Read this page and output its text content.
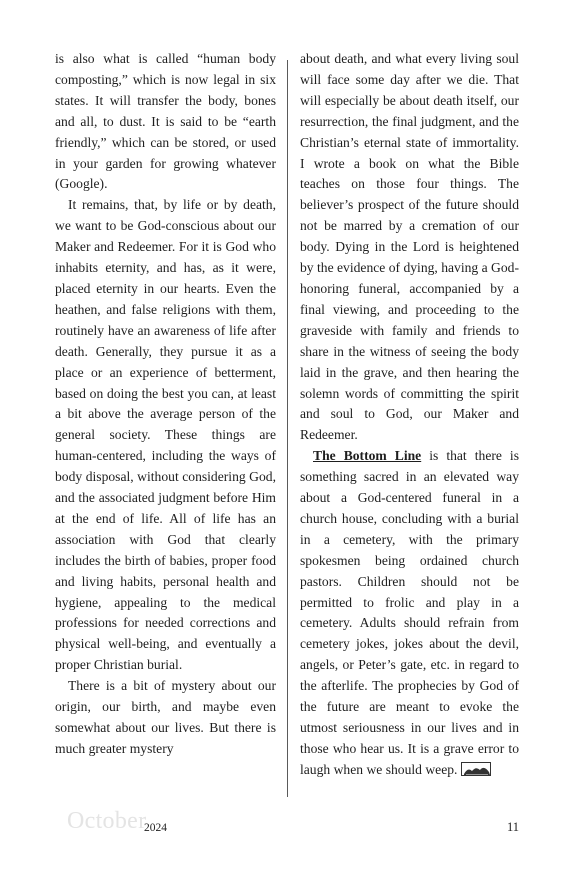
is also what is called “human body composting,” which is now legal in six states. It will transfer the body, bones and all, to dust. It is said to be “earth friendly,” which can be stored, or used in your garden for growing whatever (Google).

It remains, that, by life or by death, we want to be God-conscious about our Maker and Redeemer. For it is God who inhabits eternity, and has, as it were, placed eternity in our hearts. Even the heathen, and false religions with them, routinely have an awareness of life after death. Generally, they pursue it as a place or an experience of betterment, based on doing the best you can, at least a bit above the average person of the general society. These things are human-centered, including the ways of body disposal, without considering God, and the associated judgment before Him at the end of life. All of life has an association with God that clearly includes the birth of babies, proper food and living habits, personal health and hygiene, appealing to the medical professions for needed corrections and physical well-being, and eventually a proper Christian burial.

There is a bit of mystery about our origin, our birth, and maybe even somewhat about our lives. But there is much greater mystery

about death, and what every living soul will face some day after we die. That will especially be about death itself, our resurrection, the final judgment, and the Christian’s eternal state of immortality. I wrote a book on what the Bible teaches on those four things. The believer’s prospect of the future should not be marred by a cremation of our body. Dying in the Lord is heightened by the evidence of dying, having a God-honoring funeral, accompanied by a final viewing, and proceeding to the graveside with family and friends to share in the witness of seeing the body laid in the grave, and then hearing the solemn words of committing the spirit and soul to God, our Maker and Redeemer.

The Bottom Line is that there is something sacred in an elevated way about a God-centered funeral in a church house, concluding with a burial in a cemetery, with the primary spokesmen being ordained church pastors. Children should not be permitted to frolic and play in a cemetery. Adults should refrain from cemetery jokes, jokes about the devil, angels, or Peter’s gate, etc. in regard to the afterlife. The prophecies by God of the future are meant to evoke the utmost seriousness in our lives and in those who hear us. It is a grave error to laugh when we should weep.

October
2024	11
